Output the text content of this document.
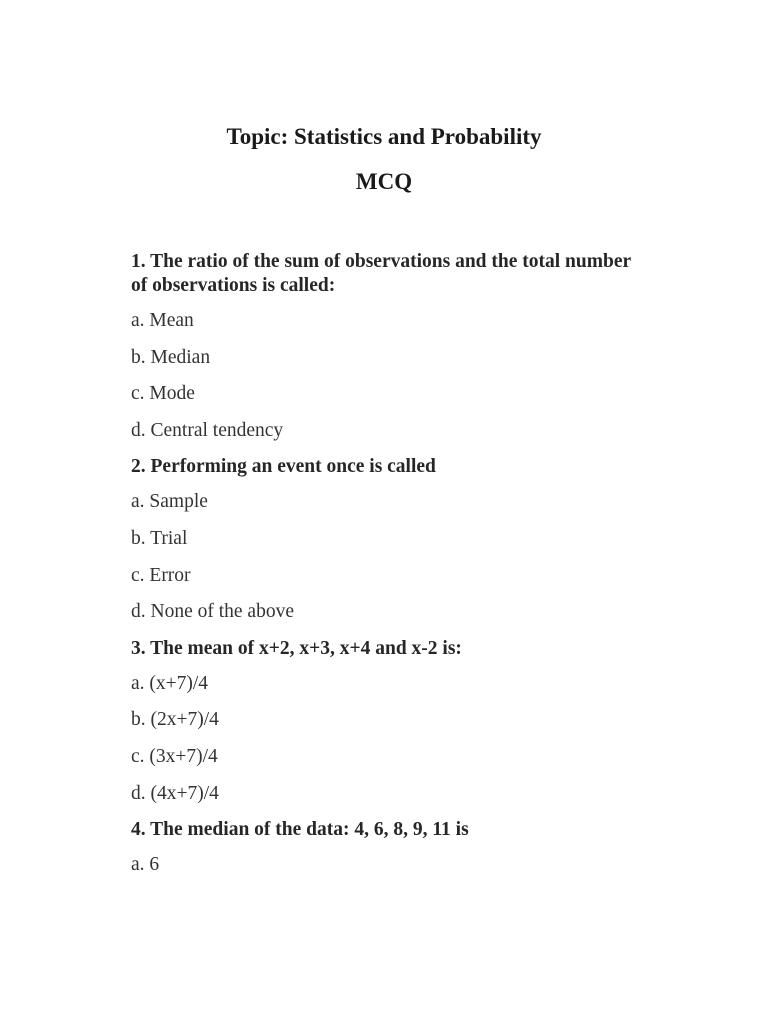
Topic: Statistics and Probability
MCQ

1. The ratio of the sum of observations and the total number of observations is called:

a. Mean

b. Median

c. Mode

d. Central tendency

2. Performing an event once is called

a. Sample

b. Trial

c. Error

d. None of the above

3. The mean of x+2, x+3, x+4 and x-2 is:

a. (x+7)/4

b. (2x+7)/4

c. (3x+7)/4

d. (4x+7)/4

4. The median of the data: 4, 6, 8, 9, 11 is

a. 6
